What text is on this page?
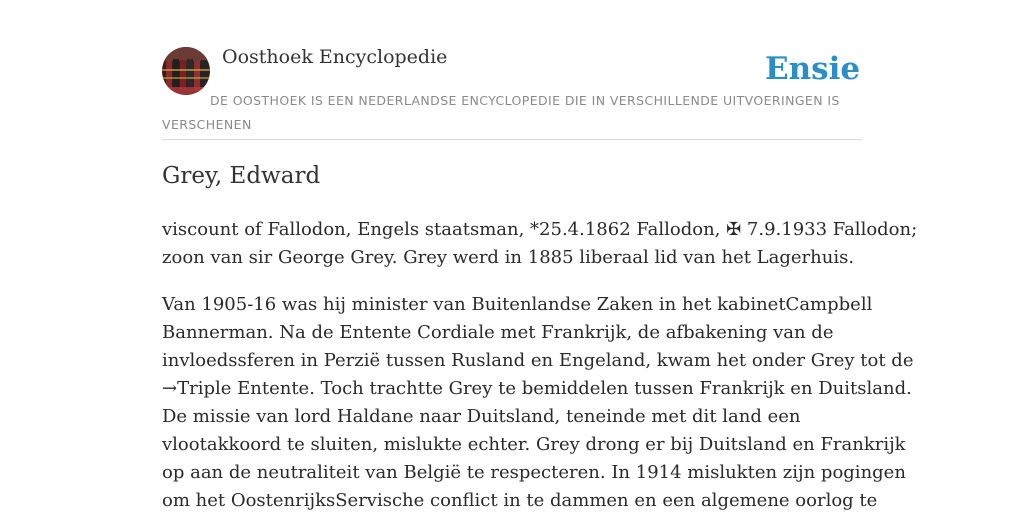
Oosthoek Encyclopedie	Ensie
DE OOSTHOEK IS EEN NEDERLANDSE ENCYCLOPEDIE DIE IN VERSCHILLENDE UITVOERINGEN IS VERSCHENEN
Grey, Edward

viscount of Fallodon, Engels staatsman, *25.4.1862 Fallodon, ✠ 7.9.1933 Fallodon;
zoon van sir George Grey. Grey werd in 1885 liberaal lid van het Lagerhuis.

Van 1905-16 was hij minister van Buitenlandse Zaken in het kabinetCampbell
Bannerman. Na de Entente Cordiale met Frankrijk, de afbakening van de
invloedssferen in Perzië tussen Rusland en Engeland, kwam het onder Grey tot de
→Triple Entente. Toch trachtte Grey te bemiddelen tussen Frankrijk en Duitsland.
De missie van lord Haldane naar Duitsland, teneinde met dit land een
vlootakkoord te sluiten, mislukte echter. Grey drong er bij Duitsland en Frankrijk
op aan de neutraliteit van België te respecteren. In 1914 mislukten zijn pogingen
om het OostenrijksServische conflict in te dammen en een algemene oorlog te
